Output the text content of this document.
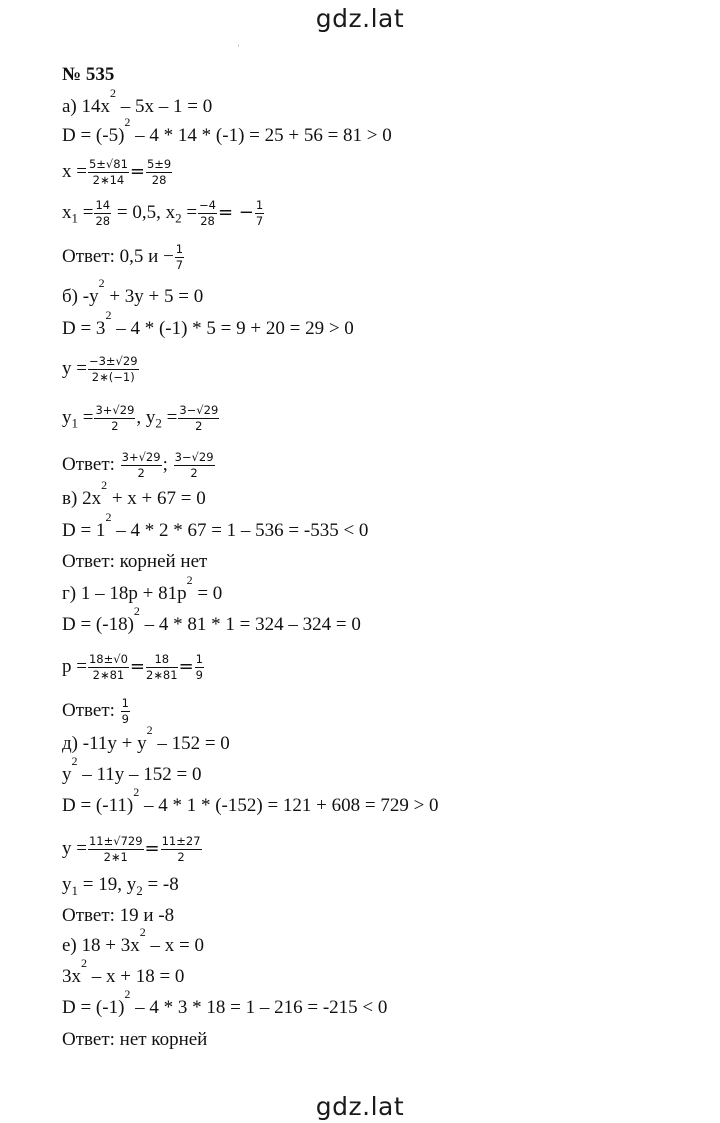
gdz.lat
№ 535
а) $14x^2 - 5x - 1 = 0$
$D = (-5)^2 - 4 * 14 * (-1) = 25 + 56 = 81 > 0$
$x = \frac{5\pm√81}{2∗14} = \frac{5\pm 9}{28}$
$x_1 = \frac{14}{28} = 0,5$, $x_2 = \frac{-4}{28}$ = − $\frac{1}{7}$
Ответ: 0,5 $и - \frac{1}{7}$
б) $-y^2 + 3y + 5 = 0$
$D = 3^2 - 4 * (-1) * 5 = 9 + 20 = 29 > 0$
$y = \frac{-3\pm√29}{2∗(-1)}$
$y_1 = \frac{3+√29}{2}$ , $y_2 = \frac{3-√29}{2}$
Ответ: $\frac{3+√29}{2}$ ; $\frac{3-√29}{2}$
в) $2x^2 + x + 67 = 0$
$D = 1^2 - 4 * 2 * 67 = 1 - 536 = -535 < 0$
Ответ: корней нет
г) $1 - 18p + 81p^2 = 0$
$D = (-18)^2 - 4 * 81 * 1 = 324 - 324 = 0$
$p = \frac{18\pm√0}{2∗81} = \frac{18}{2∗81} = \frac{1}{9}$
Ответ: $\frac{1}{9}$
д) $-11y + y^2 - 152 = 0$
$y^2 - 11y - 152 = 0$
$D = (-11)^2 - 4 * 1 * (-152) = 121 + 608 = 729 > 0$
$y = \frac{11\pm√729}{2∗1} = \frac{11\pm 27}{2}$
$y_1 = 19$, $y_2 = -8$
Ответ: 19 и -8
е) $18 + 3x^2 - x = 0$
$3x^2 - x + 18 = 0$
$D = (-1)^2 - 4 * 3 * 18 = 1 - 216 = -215 < 0$
Ответ: нет корней
gdz.lat
